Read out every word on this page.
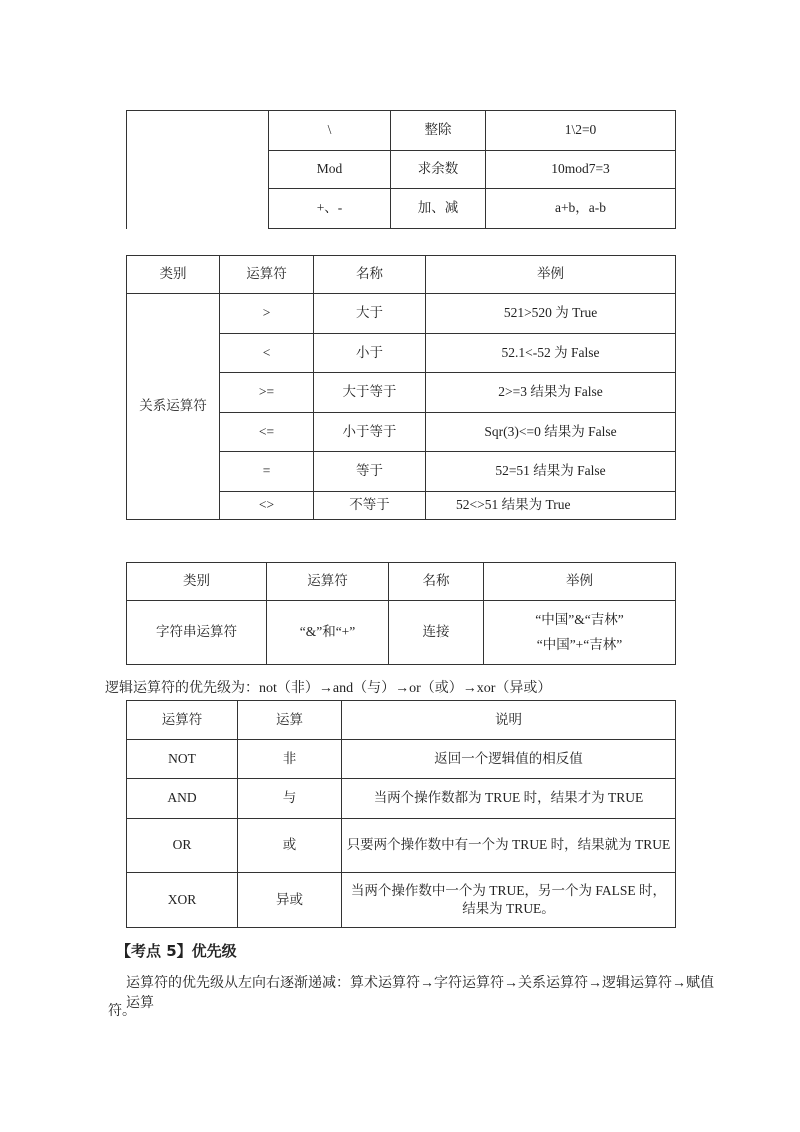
	\	整除	1\2=0
	Mod	求余数	10mod7=3
	+、-	加、减	a+b，a-b
类别	运算符	名称	举例
关系运算符	>	大于	521>520 为 True
	<	小于	52.1<-52 为 False
	>=	大于等于	2>=3 结果为 False
	<=	小于等于	Sqr(3)<=0 结果为 False
	=	等于	52=51 结果为 False
	<>	不等于	52<>51 结果为 True
类别	运算符	名称	举例
字符串运算符	“&”和“+”	连接	“中国”&“吉林”
“中国”+“吉林”
逻辑运算符的优先级为：not（非）→and（与）→or（或）→xor（异或）
运算符	运算	说明
NOT	非	返回一个逻辑值的相反值
AND	与	当两个操作数都为 TRUE 时，结果才为 TRUE
OR	或	只要两个操作数中有一个为 TRUE 时，结果就为 TRUE
XOR	异或	当两个操作数中一个为 TRUE，另一个为 FALSE 时，结果为 TRUE。
【考点 5】优先级
运算符的优先级从左向右逐渐递减：算术运算符→字符运算符→关系运算符→逻辑运算符→赋值运算
符。
